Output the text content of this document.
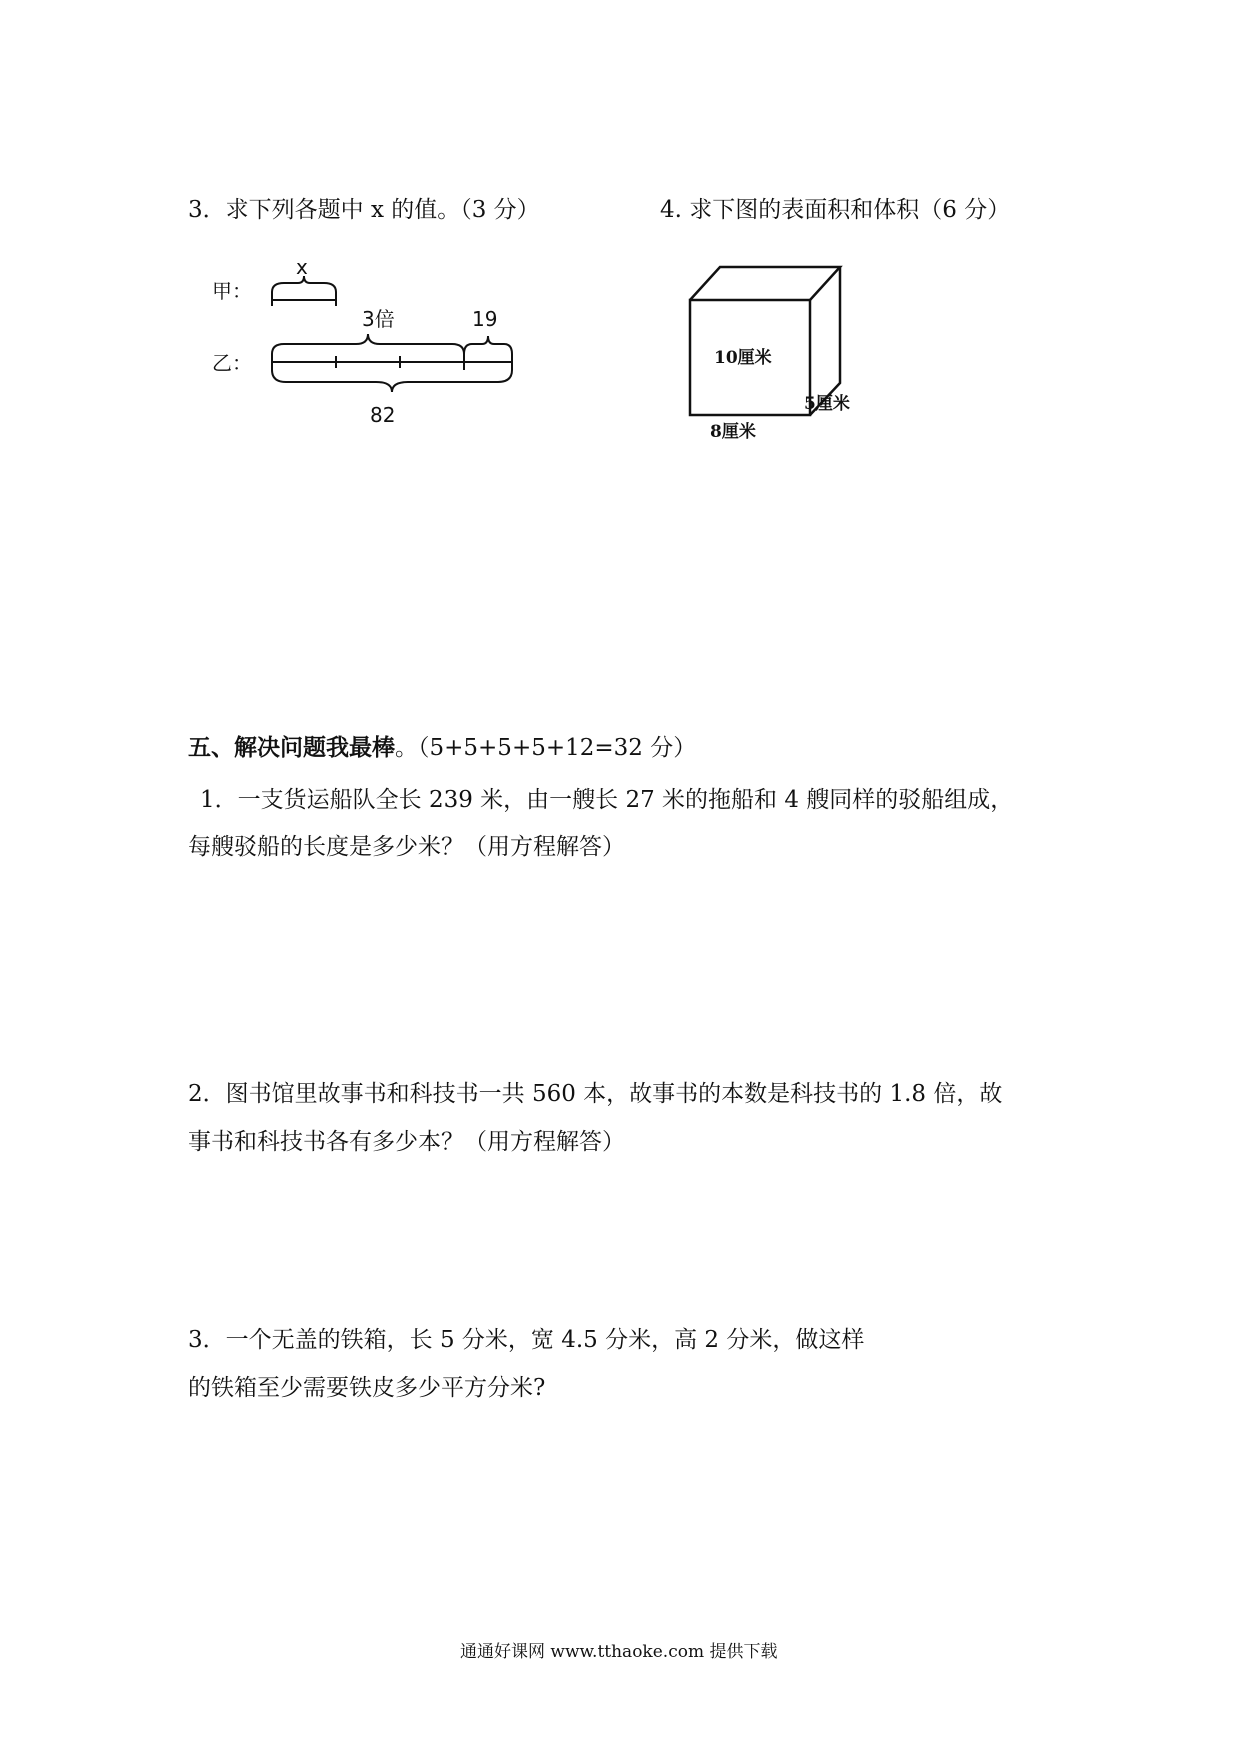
3．求下列各题中 x 的值。（3 分）	4. 求下图的表面积和体积（6 分）
甲：
乙：
x
3倍	19
82
10厘米
8厘米
5厘米
五、解决问题我最棒。（5+5+5+5+12=32 分）
1．一支货运船队全长 239 米，由一艘长 27 米的拖船和 4 艘同样的驳船组成，
每艘驳船的长度是多少米？（用方程解答）
2．图书馆里故事书和科技书一共 560 本，故事书的本数是科技书的 1.8 倍，故
事书和科技书各有多少本？（用方程解答）
3．一个无盖的铁箱，长 5 分米，宽 4.5 分米，高 2 分米，做这样
的铁箱至少需要铁皮多少平方分米?
通通好课网 www.tthaoke.com 提供下载
